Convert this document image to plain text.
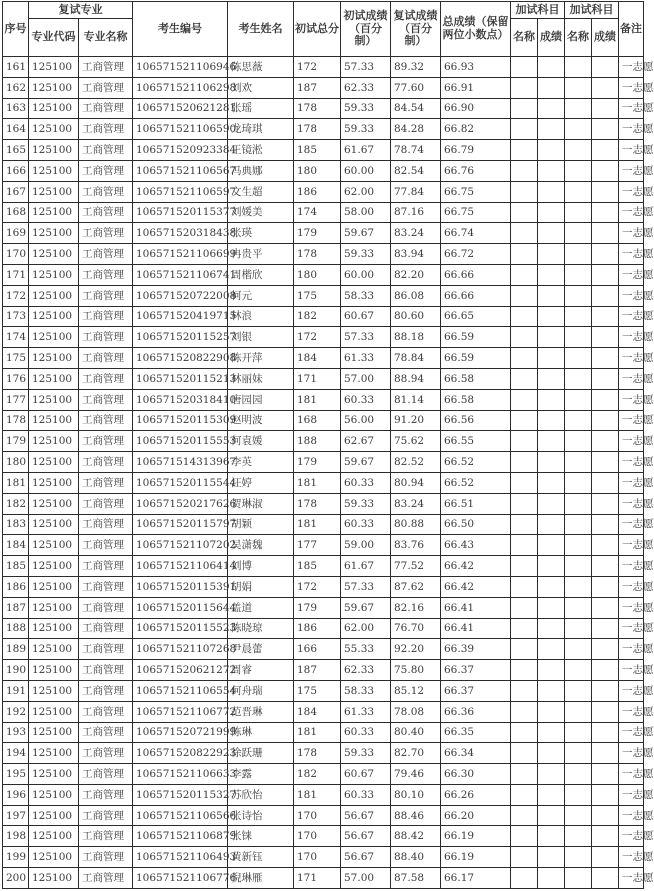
序号	复试专业		考生编号	考生姓名	初试总分	初试成绩（百分制）	复试成绩（百分制）	总成绩（保留两位小数点）	加试科目		加试科目		备注
	专业代码	专业名称							名称	成绩	名称	成绩	
161	125100	工商管理	106571521106946	陈思薇	172	57.33	89.32	66.93					一志愿
162	125100	工商管理	106571521106298	刘欢	187	62.33	77.60	66.91					一志愿
163	125100	工商管理	106571520621281	张瑶	178	59.33	84.54	66.90					一志愿
164	125100	工商管理	106571521106590	龙琦琪	178	59.33	84.28	66.82					一志愿
165	125100	工商管理	106571520923384	王镜淞	185	61.67	78.74	66.79					一志愿
166	125100	工商管理	106571521106567	冯典娜	180	60.00	82.54	66.76					一志愿
167	125100	工商管理	106571521106597	文生超	186	62.00	77.84	66.75					一志愿
168	125100	工商管理	106571520115377	刘媛美	174	58.00	87.16	66.75					一志愿
169	125100	工商管理	106571520318438	张瑛	179	59.67	83.24	66.74					一志愿
170	125100	工商管理	106571521106699	冉贵平	178	59.33	83.94	66.72					一志愿
171	125100	工商管理	106571521106741	周楷欣	180	60.00	82.20	66.66					一志愿
172	125100	工商管理	106571520722008	柯元	175	58.33	86.08	66.66					一志愿
173	125100	工商管理	106571520419715	林浪	182	60.67	80.60	66.65					一志愿
174	125100	工商管理	106571520115257	刘银	172	57.33	88.18	66.59					一志愿
175	125100	工商管理	106571520822908	陈开萍	184	61.33	78.84	66.59					一志愿
176	125100	工商管理	106571520115213	林丽妹	171	57.00	88.94	66.58					一志愿
177	125100	工商管理	106571520318410	唐园园	181	60.33	81.14	66.58					一志愿
178	125100	工商管理	106571520115309	赵明波	168	56.00	91.20	66.56					一志愿
179	125100	工商管理	106571520115553	何袁媛	188	62.67	75.62	66.55					一志愿
180	125100	工商管理	106571514313967	李英	179	59.67	82.52	66.52					一志愿
181	125100	工商管理	106571520115544	汪婷	181	60.33	80.94	66.52					一志愿
182	125100	工商管理	106571520217626	贺琳淑	178	59.33	83.24	66.51					一志愿
183	125100	工商管理	106571520115797	胡颖	181	60.33	80.88	66.50					一志愿
184	125100	工商管理	106571521107202	吴潇魏	177	59.00	83.76	66.43					一志愿
185	125100	工商管理	106571521106414	刘博	185	61.67	77.52	66.42					一志愿
186	125100	工商管理	106571520115391	胡娟	172	57.33	87.62	66.42					一志愿
187	125100	工商管理	106571520115644	盖道	179	59.67	82.16	66.41					一志愿
188	125100	工商管理	106571520115523	陈晓琼	186	62.00	76.70	66.41					一志愿
189	125100	工商管理	106571521107268	尹晨蕾	166	55.33	92.20	66.39					一志愿
190	125100	工商管理	106571520621272	周睿	187	62.33	75.80	66.37					一志愿
191	125100	工商管理	106571521106554	何舟瑞	175	58.33	85.12	66.37					一志愿
192	125100	工商管理	106571521106772	范晋琳	184	61.33	78.08	66.36					一志愿
193	125100	工商管理	106571520721999	陈琳	181	60.33	80.40	66.35					一志愿
194	125100	工商管理	106571520822923	徐跃珊	178	59.33	82.70	66.34					一志愿
195	125100	工商管理	106571521106633	李露	182	60.67	79.46	66.30					一志愿
196	125100	工商管理	106571520115327	苏欣怡	181	60.33	80.10	66.26					一志愿
197	125100	工商管理	106571521106566	张诗怡	170	56.67	88.46	66.20					一志愿
198	125100	工商管理	106571521106879	张铼	170	56.67	88.42	66.19					一志愿
199	125100	工商管理	106571521106493	黄新钰	170	56.67	88.40	66.19					一志愿
200	125100	工商管理	106571521106776	倪琳雁	171	57.00	87.58	66.17					一志愿
